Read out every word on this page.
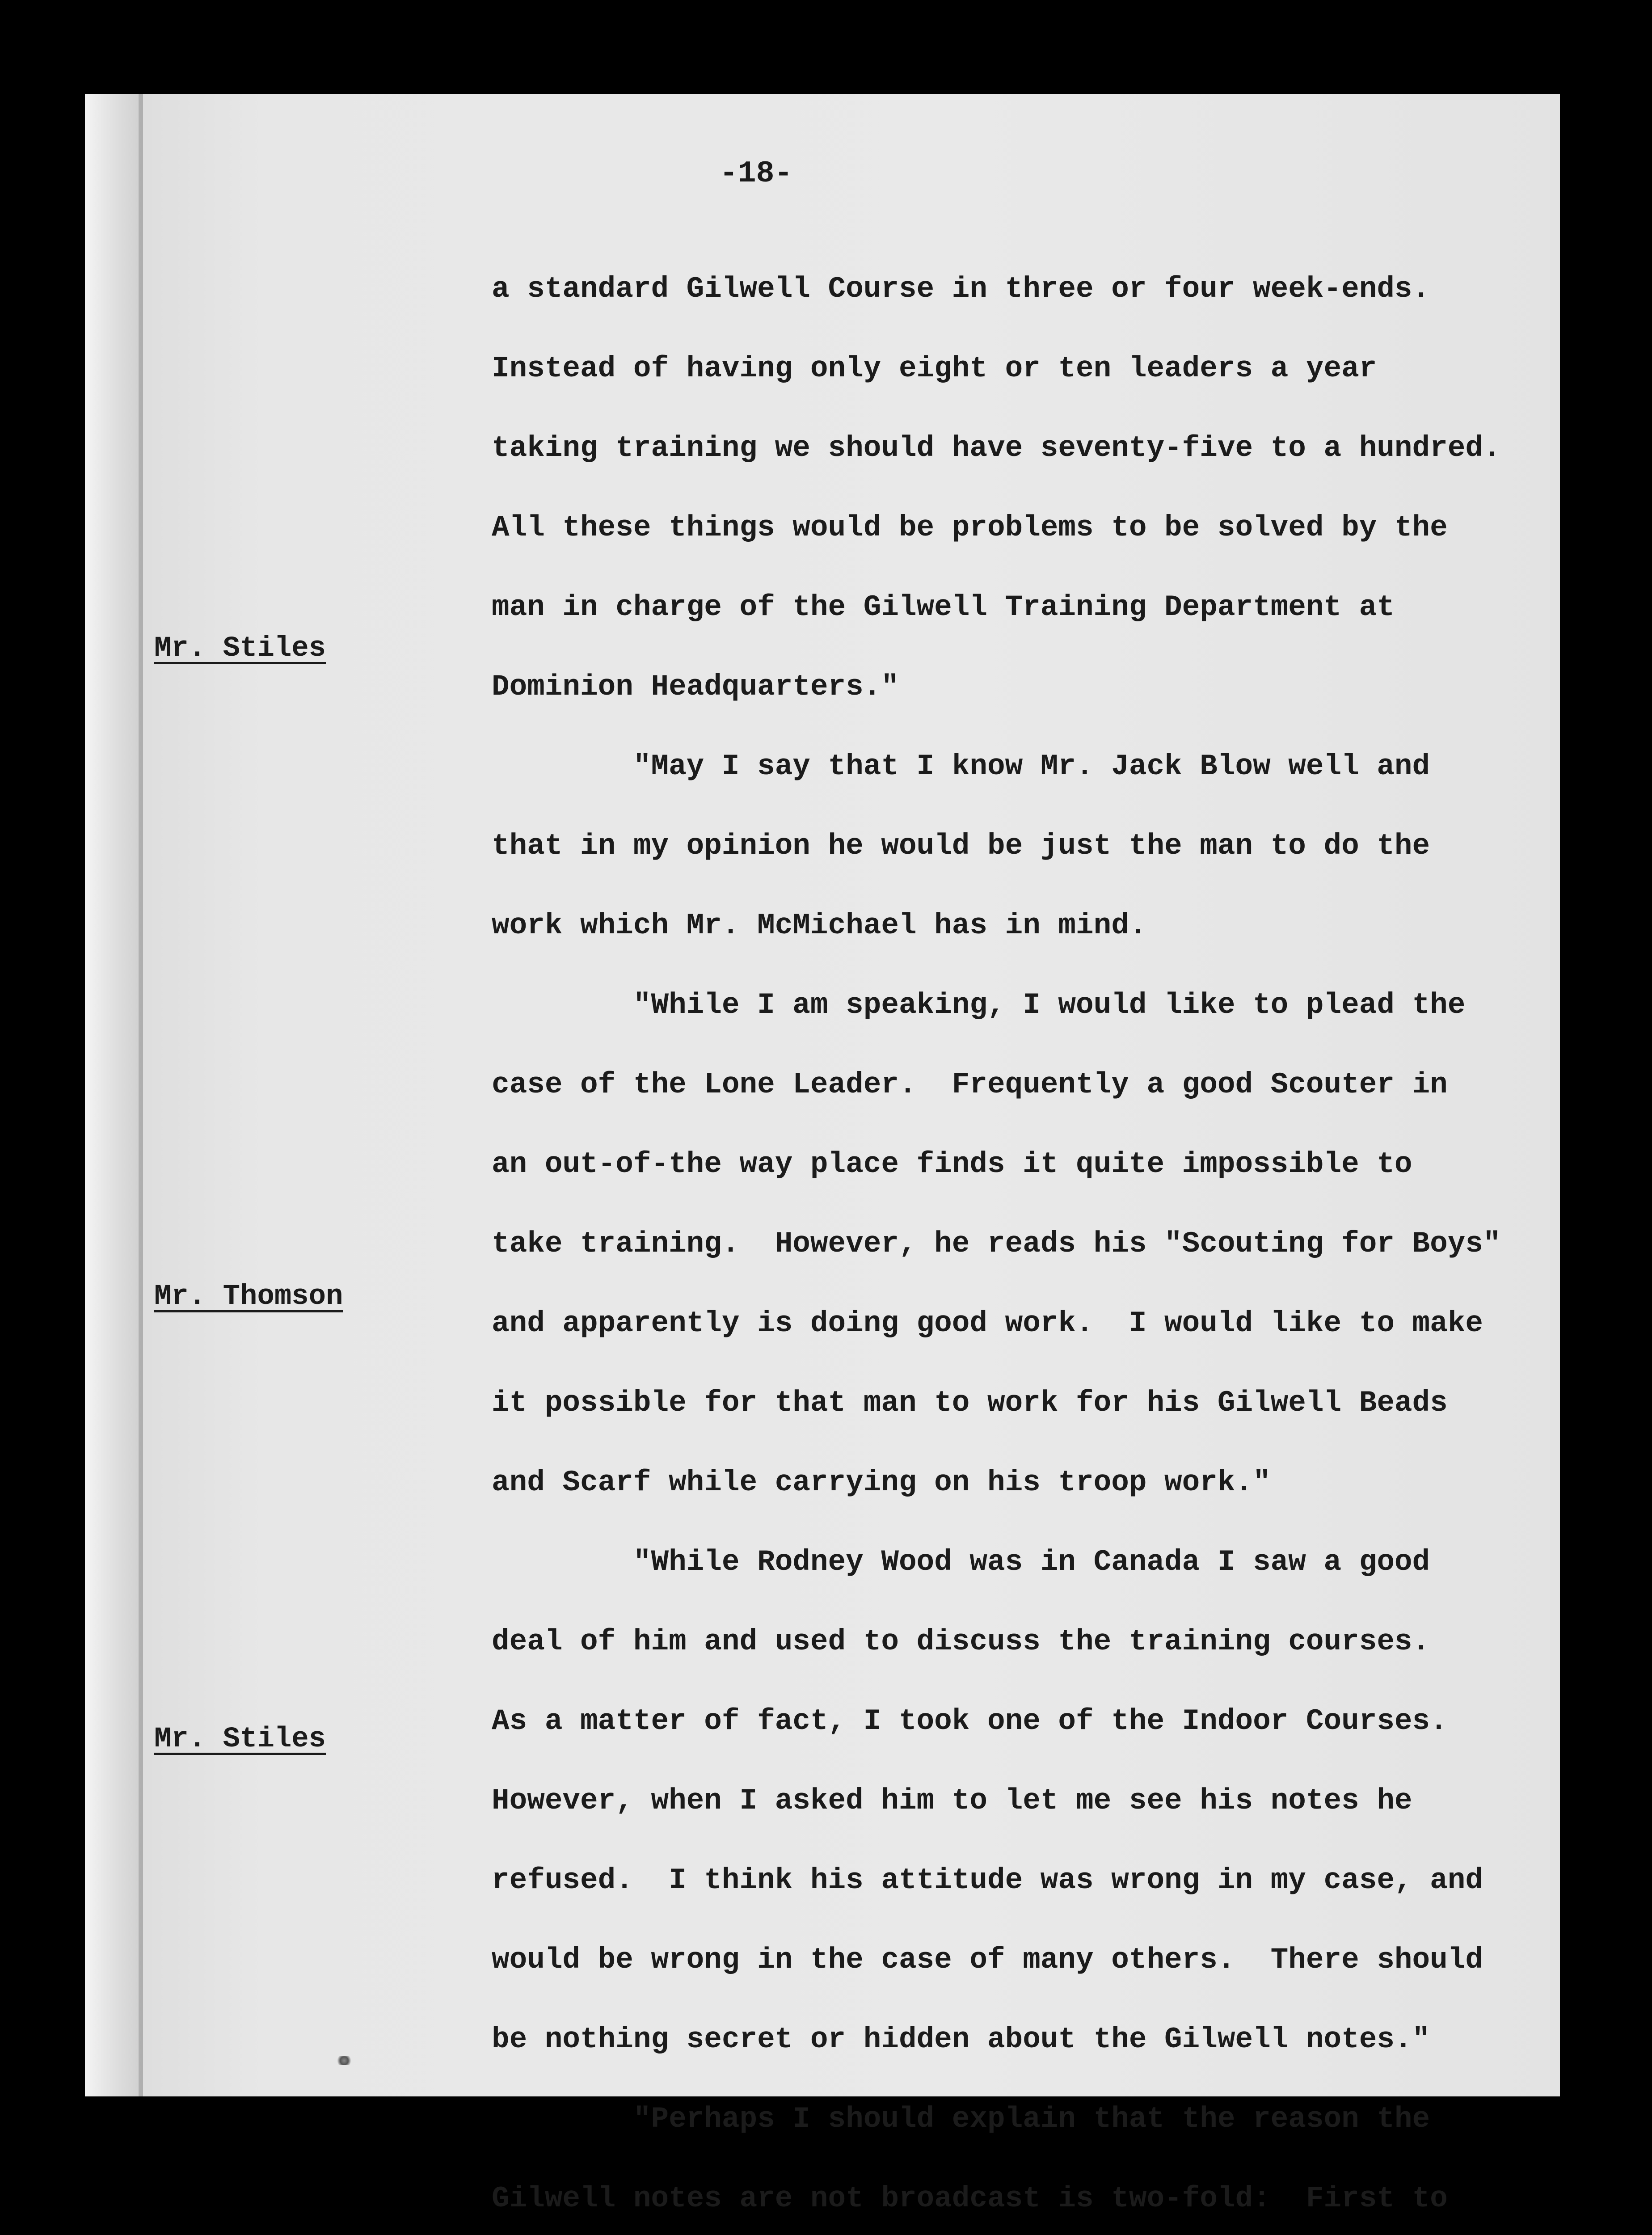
-18-
Mr. Stiles
Mr. Thomson
Mr. Stiles

a standard Gilwell Course in three or four week-ends.

Instead of having only eight or ten leaders a year

taking training we should have seventy-five to a hundred.

All these things would be problems to be solved by the

man in charge of the Gilwell Training Department at

Dominion Headquarters."

"May I say that I know Mr. Jack Blow well and

that in my opinion he would be just the man to do the

work which Mr. McMichael has in mind.

"While I am speaking, I would like to plead the

case of the Lone Leader.  Frequently a good Scouter in

an out-of-the way place finds it quite impossible to

take training.  However, he reads his "Scouting for Boys"

and apparently is doing good work.  I would like to make

it possible for that man to work for his Gilwell Beads

and Scarf while carrying on his troop work."

"While Rodney Wood was in Canada I saw a good

deal of him and used to discuss the training courses.

As a matter of fact, I took one of the Indoor Courses.

However, when I asked him to let me see his notes he

refused.  I think his attitude was wrong in my case, and

would be wrong in the case of many others.  There should

be nothing secret or hidden about the Gilwell notes."

"Perhaps I should explain that the reason the

Gilwell notes are not broadcast is two-fold:  First to
